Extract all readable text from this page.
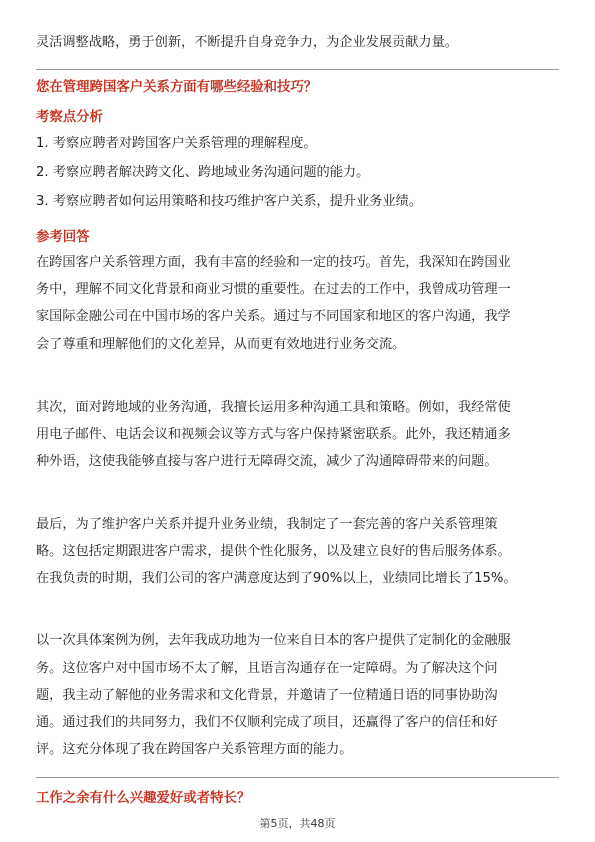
灵活调整战略，勇于创新，不断提升自身竞争力，为企业发展贡献力量。
您在管理跨国客户关系方面有哪些经验和技巧？
考察点分析
1. 考察应聘者对跨国客户关系管理的理解程度。
2. 考察应聘者解决跨文化、跨地域业务沟通问题的能力。
3. 考察应聘者如何运用策略和技巧维护客户关系，提升业务业绩。
参考回答
在跨国客户关系管理方面，我有丰富的经验和一定的技巧。首先，我深知在跨国业
务中，理解不同文化背景和商业习惯的重要性。在过去的工作中，我曾成功管理一
家国际金融公司在中国市场的客户关系。通过与不同国家和地区的客户沟通，我学
会了尊重和理解他们的文化差异，从而更有效地进行业务交流。
其次，面对跨地域的业务沟通，我擅长运用多种沟通工具和策略。例如，我经常使
用电子邮件、电话会议和视频会议等方式与客户保持紧密联系。此外，我还精通多
种外语，这使我能够直接与客户进行无障碍交流，减少了沟通障碍带来的问题。
最后，为了维护客户关系并提升业务业绩，我制定了一套完善的客户关系管理策
略。这包括定期跟进客户需求，提供个性化服务，以及建立良好的售后服务体系。
在我负责的时期，我们公司的客户满意度达到了90%以上，业绩同比增长了15%。
以一次具体案例为例，去年我成功地为一位来自日本的客户提供了定制化的金融服
务。这位客户对中国市场不太了解，且语言沟通存在一定障碍。为了解决这个问
题，我主动了解他的业务需求和文化背景，并邀请了一位精通日语的同事协助沟
通。通过我们的共同努力，我们不仅顺利完成了项目，还赢得了客户的信任和好
评。这充分体现了我在跨国客户关系管理方面的能力。
工作之余有什么兴趣爱好或者特长？
第5页，共48页
